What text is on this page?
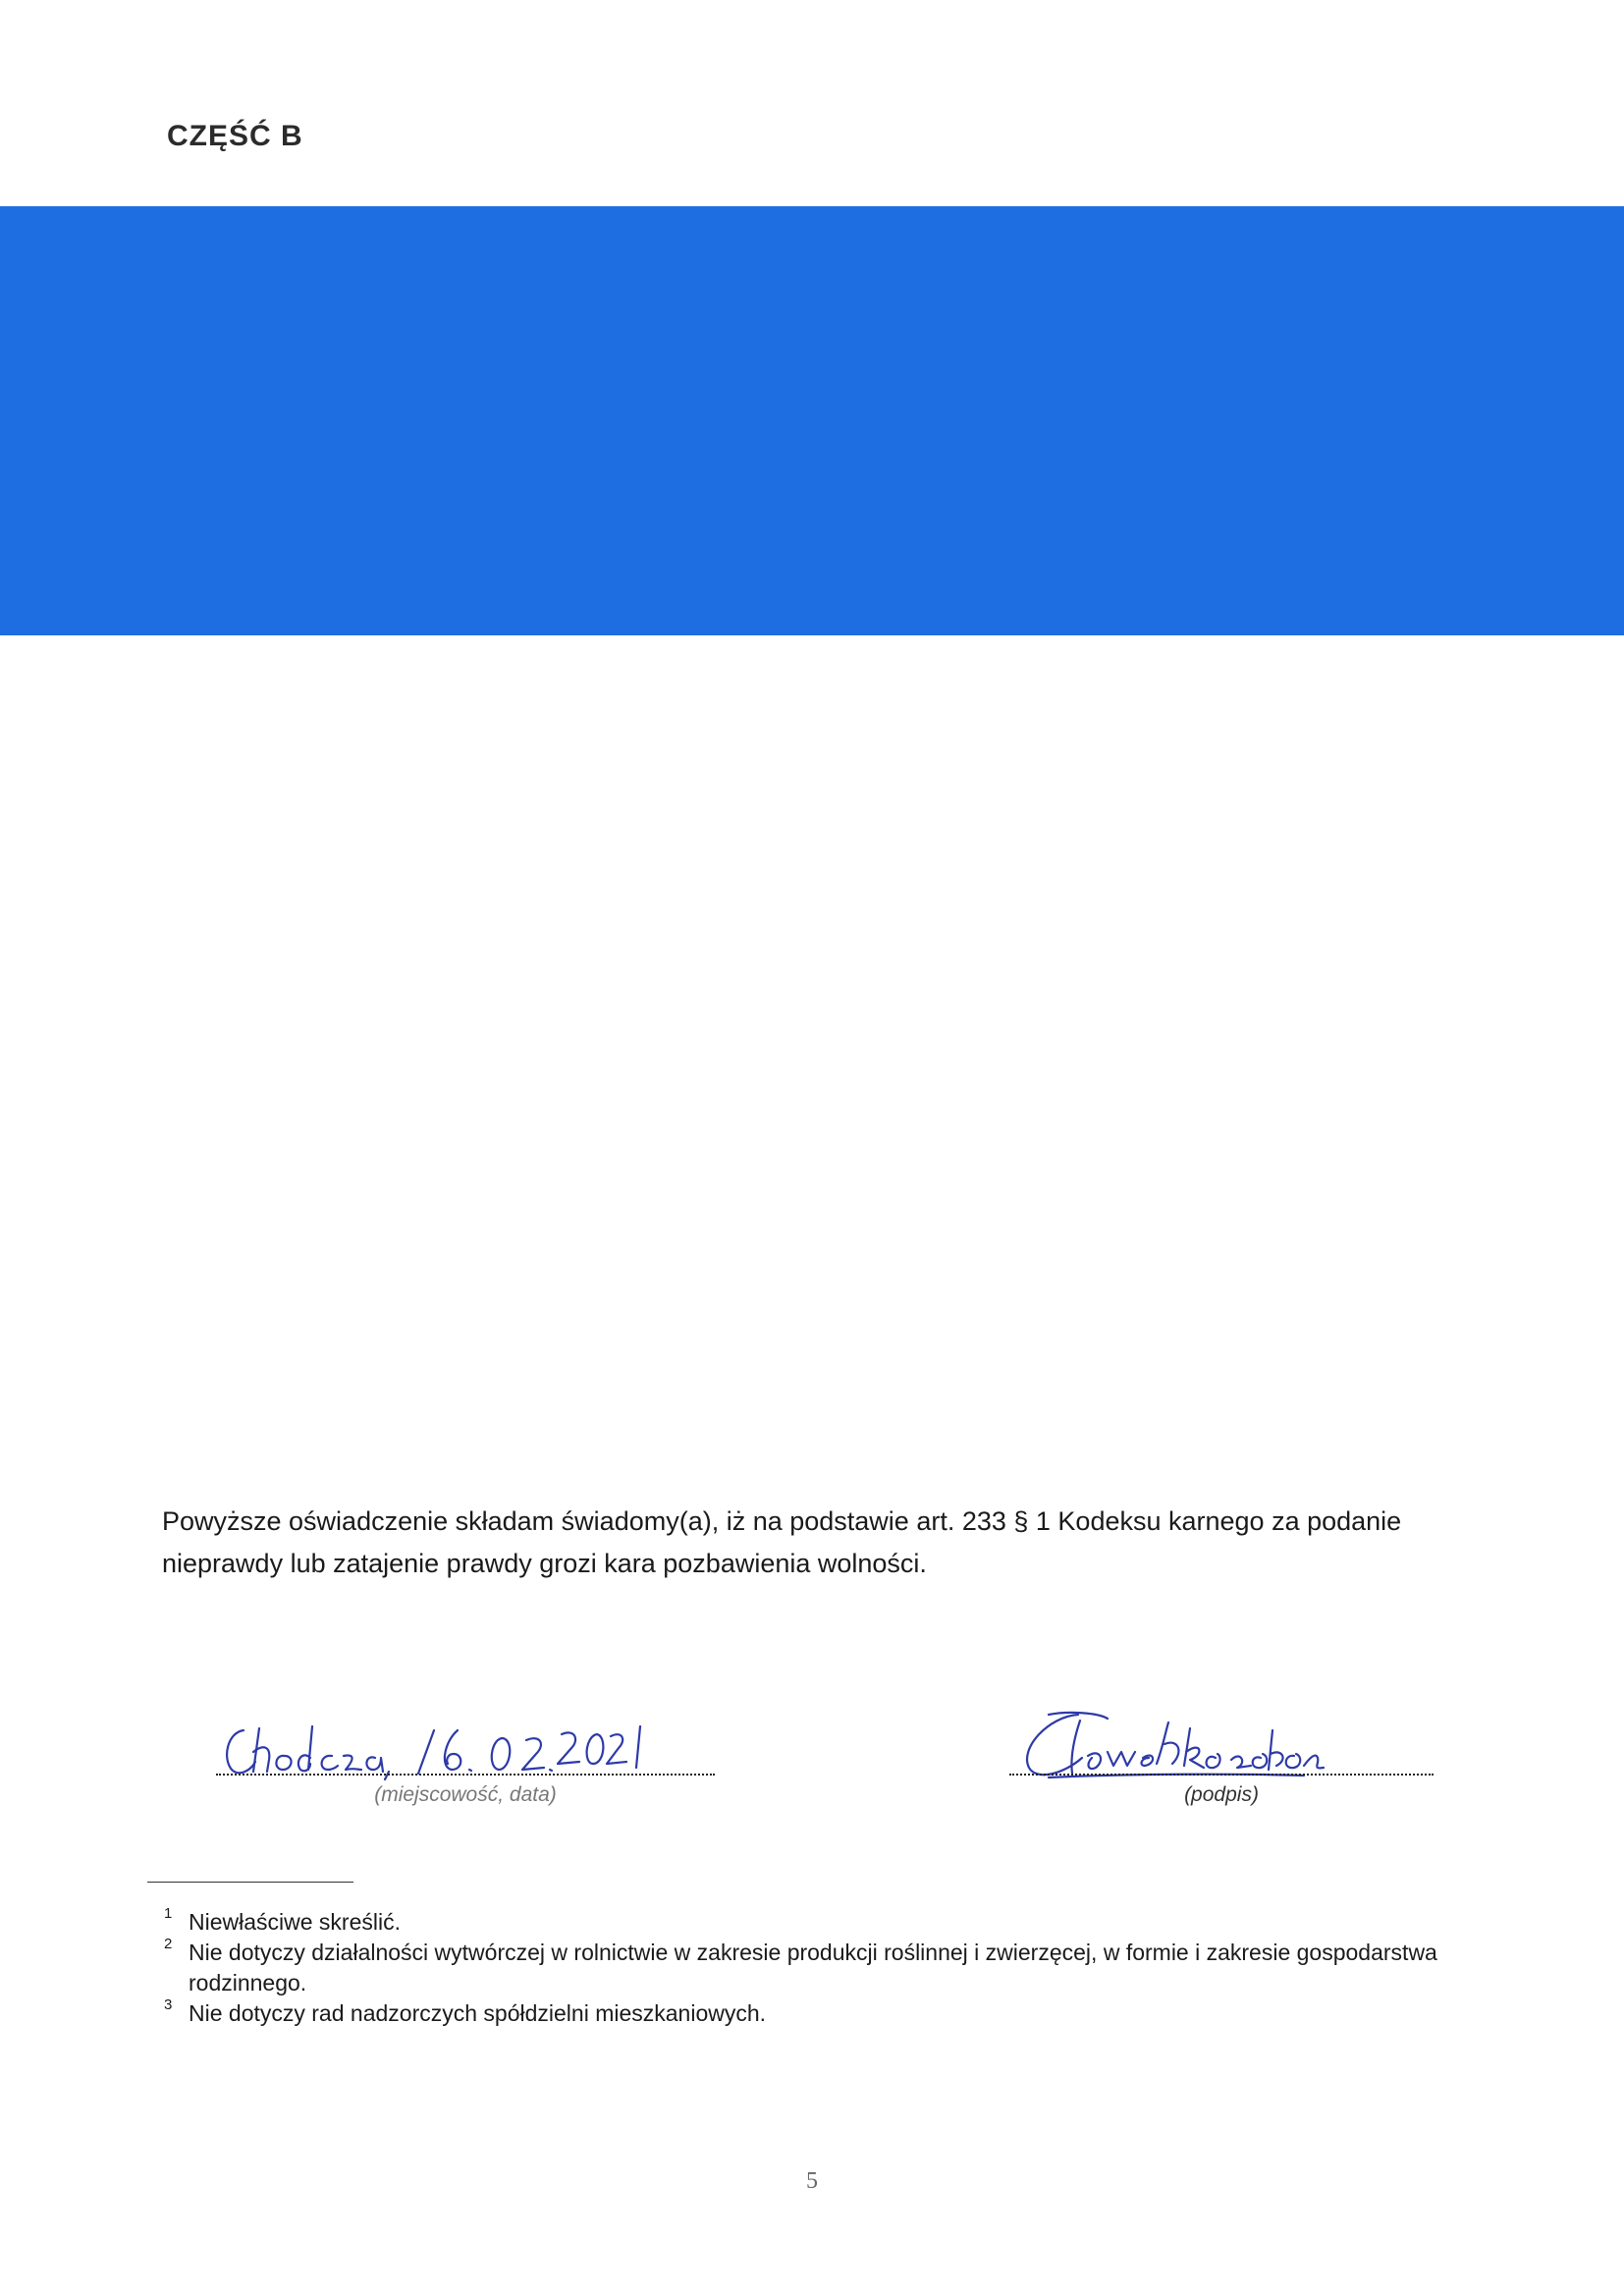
CZĘŚĆ B
Powyższe oświadczenie składam świadomy(a), iż na podstawie art. 233 § 1 Kodeksu karnego za podanie nieprawdy lub zatajenie prawdy grozi kara pozbawienia wolności.
(miejscowość, data)	(podpis)
1 Niewłaściwe skreślić.
2 Nie dotyczy działalności wytwórczej w rolnictwie w zakresie produkcji roślinnej i zwierzęcej, w formie i zakresie gospodarstwa rodzinnego.
3 Nie dotyczy rad nadzorczych spółdzielni mieszkaniowych.
5
